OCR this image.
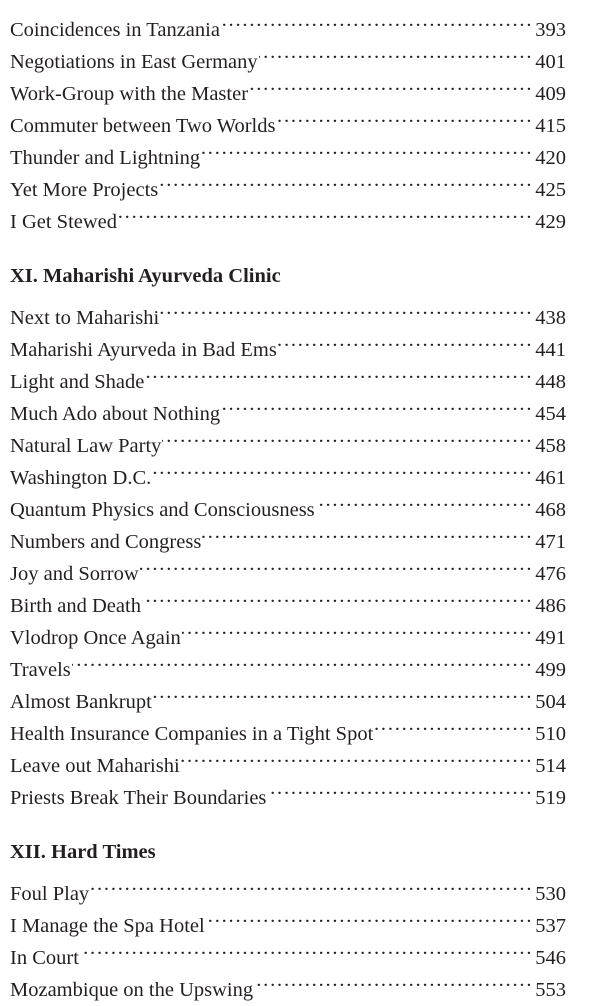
Coincidences in Tanzania .....	393
Negotiations in East Germany .....	401
Work-Group with the Master .....	409
Commuter between Two Worlds .....	415
Thunder and Lightning .....	420
Yet More Projects .....	425
I Get Stewed .....	429
XI. Maharishi Ayurveda Clinic
Next to Maharishi .....	438
Maharishi Ayurveda in Bad Ems .....	441
Light and Shade .....	448
Much Ado about Nothing .....	454
Natural Law Party .....	458
Washington D.C. .....	461
Quantum Physics and Consciousness .....	468
Numbers and Congress .....	471
Joy and Sorrow .....	476
Birth and Death .....	486
Vlodrop Once Again .....	491
Travels .....	499
Almost Bankrupt .....	504
Health Insurance Companies in a Tight Spot .....	510
Leave out Maharishi .....	514
Priests Break Their Boundaries .....	519
XII. Hard Times
Foul Play .....	530
I Manage the Spa Hotel .....	537
In Court .....	546
Mozambique on the Upswing .....	553
